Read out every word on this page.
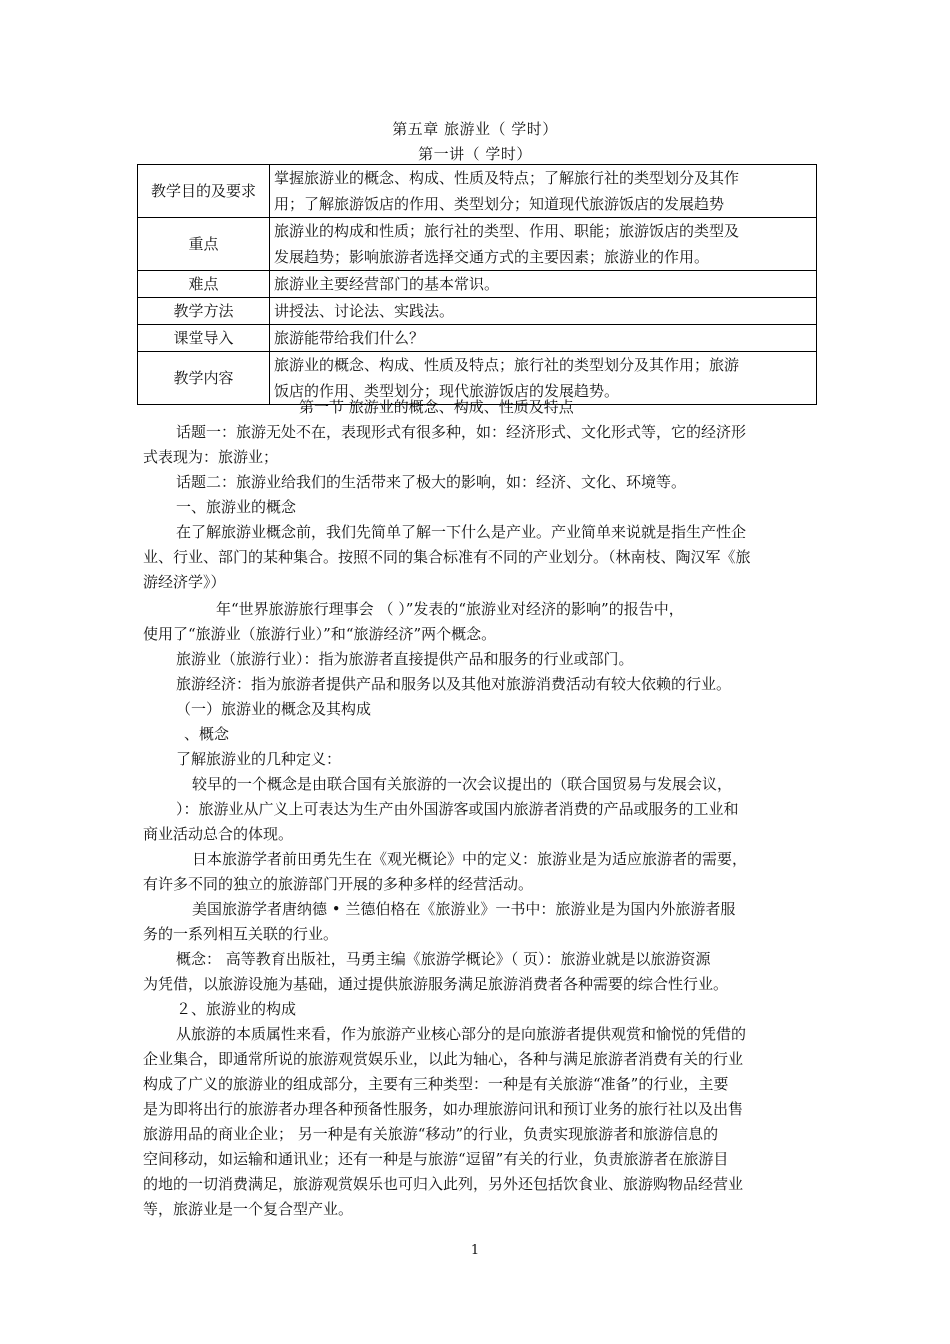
第五章 旅游业（ 学时）
第一讲（ 学时）
教学目的及要求	掌握旅游业的概念、构成、性质及特点；了解旅行社的类型划分及其作
用；了解旅游饭店的作用、类型划分；知道现代旅游饭店的发展趋势

重点	旅游业的构成和性质；旅行社的类型、作用、职能；旅游饭店的类型及
发展趋势；影响旅游者选择交通方式的主要因素；旅游业的作用。

难点	旅游业主要经营部门的基本常识。

教学方法	讲授法、讨论法、实践法。

课堂导入	旅游能带给我们什么？

教学内容	旅游业的概念、构成、性质及特点；旅行社的类型划分及其作用；旅游
饭店的作用、类型划分；现代旅游饭店的发展趋势。
第一节 旅游业的概念、构成、性质及特点
话题一：旅游无处不在，表现形式有很多种，如：经济形式、文化形式等，它的经济形
式表现为：旅游业；
话题二：旅游业给我们的生活带来了极大的影响，如：经济、文化、环境等。
一、旅游业的概念
在了解旅游业概念前，我们先简单了解一下什么是产业。产业简单来说就是指生产性企
业、行业、部门的某种集合。按照不同的集合标准有不同的产业划分。（林南枝、陶汉军《旅
游经济学》）
年“世界旅游旅行理事会 （ ）”发表的“旅游业对经济的影响”的报告中，
使用了“旅游业（旅游行业）”和“旅游经济”两个概念。
旅游业（旅游行业）：指为旅游者直接提供产品和服务的行业或部门。
旅游经济：指为旅游者提供产品和服务以及其他对旅游消费活动有较大依赖的行业。
（一）旅游业的概念及其构成
、概念
了解旅游业的几种定义：
较早的一个概念是由联合国有关旅游的一次会议提出的（联合国贸易与发展会议，
）：旅游业从广义上可表达为生产由外国游客或国内旅游者消费的产品或服务的工业和
商业活动总合的体现。
日本旅游学者前田勇先生在《观光概论》中的定义：旅游业是为适应旅游者的需要，
有许多不同的独立的旅游部门开展的多种多样的经营活动。
美国旅游学者唐纳德 • 兰德伯格在《旅游业》一书中：旅游业是为国内外旅游者服
务的一系列相互关联的行业。
概念： 高等教育出版社，马勇主编《旅游学概论》（ 页）：旅游业就是以旅游资源
为凭借，以旅游设施为基础，通过提供旅游服务满足旅游消费者各种需要的综合性行业。
２、旅游业的构成
从旅游的本质属性来看，作为旅游产业核心部分的是向旅游者提供观赏和愉悦的凭借的
企业集合，即通常所说的旅游观赏娱乐业，以此为轴心，各种与满足旅游者消费有关的行业
构成了广义的旅游业的组成部分，主要有三种类型：一种是有关旅游“准备”的行业，主要
是为即将出行的旅游者办理各种预备性服务，如办理旅游问讯和预订业务的旅行社以及出售
旅游用品的商业企业； 另一种是有关旅游“移动”的行业，负责实现旅游者和旅游信息的
空间移动，如运输和通讯业；还有一种是与旅游“逗留”有关的行业，负责旅游者在旅游目
的地的一切消费满足，旅游观赏娱乐也可归入此列，另外还包括饮食业、旅游购物品经营业
等，旅游业是一个复合型产业。
1
